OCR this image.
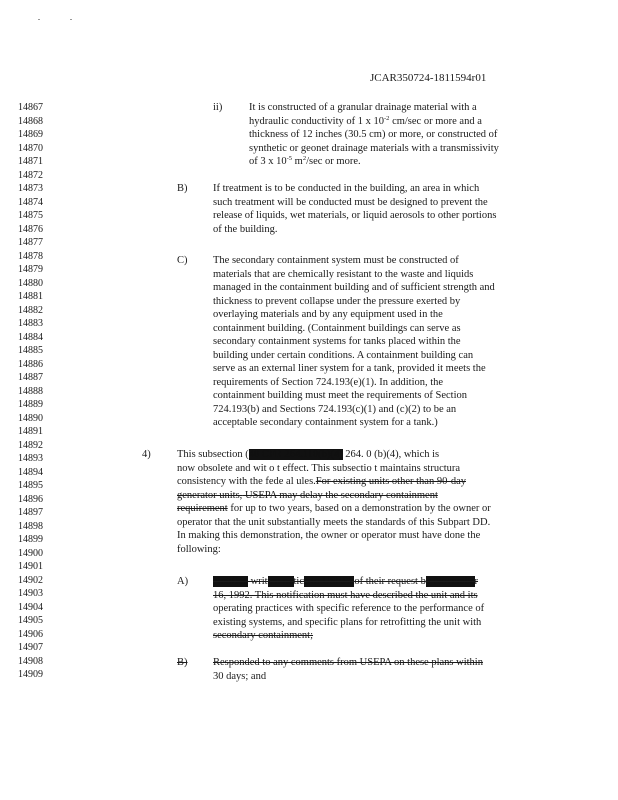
JCAR350724-1811594r01
14867
14868
14869
14870
14871
14872
14873
14874
14875
14876
14877
14878
14879
14880
14881
14882
14883
14884
14885
14886
14887
14888
14889
14890
14891
14892
14893
14894
14895
14896
14897
14898
14899
14900
14901
14902
14903
14904
14905
14906
14907
14908
14909
ii)	It is constructed of a granular drainage material with a
hydraulic conductivity of 1 x $10^{-2}$ cm/sec or more and a
thickness of 12 inches (30.5 cm) or more, or constructed of
synthetic or geonet drainage materials with a transmissivity
of 3 x $10^{-5}$ $m^2/\sec$ or more.
B) If treatment is to be conducted in the building, an area in which
such treatment will be conducted must be designed to prevent the
release of liquids, wet materials, or liquid aerosols to other portions
of the building.
C) The secondary containment system must be constructed of
materials that are chemically resistant to the waste and liquids
managed in the containment building and of sufficient strength and
thickness to prevent collapse under the pressure exerted by
overlaying materials and by any equipment used in the
containment building. (Containment buildings can serve as
secondary containment systems for tanks placed within the
building under certain conditions. A containment building can
serve as an external liner system for a tank, provided it meets the
requirements of Section 724.193(e)(1). In addition, the
containment building must meet the requirements of Section
724.193(b) and Sections 724.193(c)(1) and (c)(2) to be an
acceptable secondary containment system for a tank.)
4)	This subsection (40 CFR 264.110(b)(4) 264. 0 (b)(4), which is
now obsolete and wit o t effect. This subsectio t maintains structura
consistency with the fede al ules.For existing units other than 90-day
generator units, USEPA may delay the secondary containment
requirement for up to two years, based on a demonstration by the owner or
operator that the unit substantially meets the standards of this Subpart DD.
In making this demonstration, the owner or operator must have done the
following:
A) Notified written notice to USEPAof their request by November
16, 1992. This notification must have described the unit and its
operating practices with specific reference to the performance of
existing systems, and specific plans for retrofitting the unit with
secondary containment;
B) Responded to any comments from USEPA on these plans within
30 days; and
